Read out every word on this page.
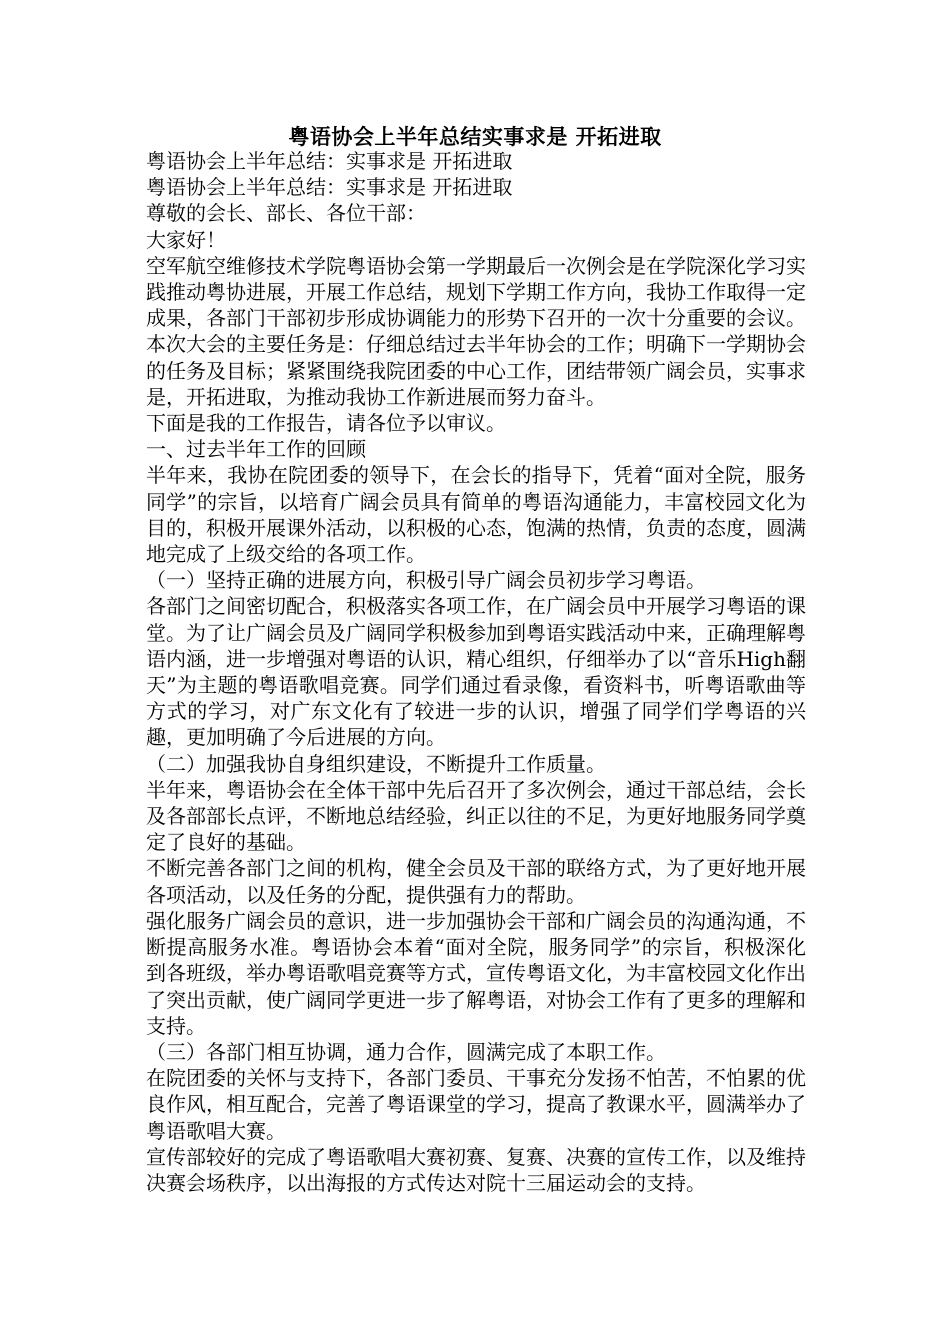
粤语协会上半年总结实事求是 开拓进取

粤语协会上半年总结：实事求是 开拓进取

粤语协会上半年总结：实事求是 开拓进取

尊敬的会长、部长、各位干部：

大家好！

空军航空维修技术学院粤语协会第一学期最后一次例会是在学院深化学习实践推动粤协进展，开展工作总结，规划下学期工作方向，我协工作取得一定成果，各部门干部初步形成协调能力的形势下召开的一次十分重要的会议。本次大会的主要任务是：仔细总结过去半年协会的工作；明确下一学期协会的任务及目标；紧紧围绕我院团委的中心工作，团结带领广阔会员，实事求是，开拓进取，为推动我协工作新进展而努力奋斗。

下面是我的工作报告，请各位予以审议。

一、过去半年工作的回顾

半年来，我协在院团委的领导下，在会长的指导下，凭着“面对全院，服务同学”的宗旨，以培育广阔会员具有简单的粤语沟通能力，丰富校园文化为目的，积极开展课外活动，以积极的心态，饱满的热情，负责的态度，圆满地完成了上级交给的各项工作。

（一）坚持正确的进展方向，积极引导广阔会员初步学习粤语。

各部门之间密切配合，积极落实各项工作，在广阔会员中开展学习粤语的课堂。为了让广阔会员及广阔同学积极参加到粤语实践活动中来，正确理解粤语内涵，进一步增强对粤语的认识，精心组织，仔细举办了以“音乐High翻天”为主题的粤语歌唱竞赛。同学们通过看录像，看资料书，听粤语歌曲等方式的学习，对广东文化有了较进一步的认识，增强了同学们学粤语的兴趣，更加明确了今后进展的方向。

（二）加强我协自身组织建设，不断提升工作质量。

半年来，粤语协会在全体干部中先后召开了多次例会，通过干部总结，会长及各部部长点评，不断地总结经验，纠正以往的不足，为更好地服务同学奠定了良好的基础。

不断完善各部门之间的机构，健全会员及干部的联络方式，为了更好地开展各项活动，以及任务的分配，提供强有力的帮助。

强化服务广阔会员的意识，进一步加强协会干部和广阔会员的沟通沟通，不断提高服务水准。粤语协会本着“面对全院，服务同学”的宗旨，积极深化到各班级，举办粤语歌唱竞赛等方式，宣传粤语文化，为丰富校园文化作出了突出贡献，使广阔同学更进一步了解粤语，对协会工作有了更多的理解和支持。

（三）各部门相互协调，通力合作，圆满完成了本职工作。

在院团委的关怀与支持下，各部门委员、干事充分发扬不怕苦，不怕累的优良作风，相互配合，完善了粤语课堂的学习，提高了教课水平，圆满举办了粤语歌唱大赛。

宣传部较好的完成了粤语歌唱大赛初赛、复赛、决赛的宣传工作，以及维持决赛会场秩序，以出海报的方式传达对院十三届运动会的支持。
